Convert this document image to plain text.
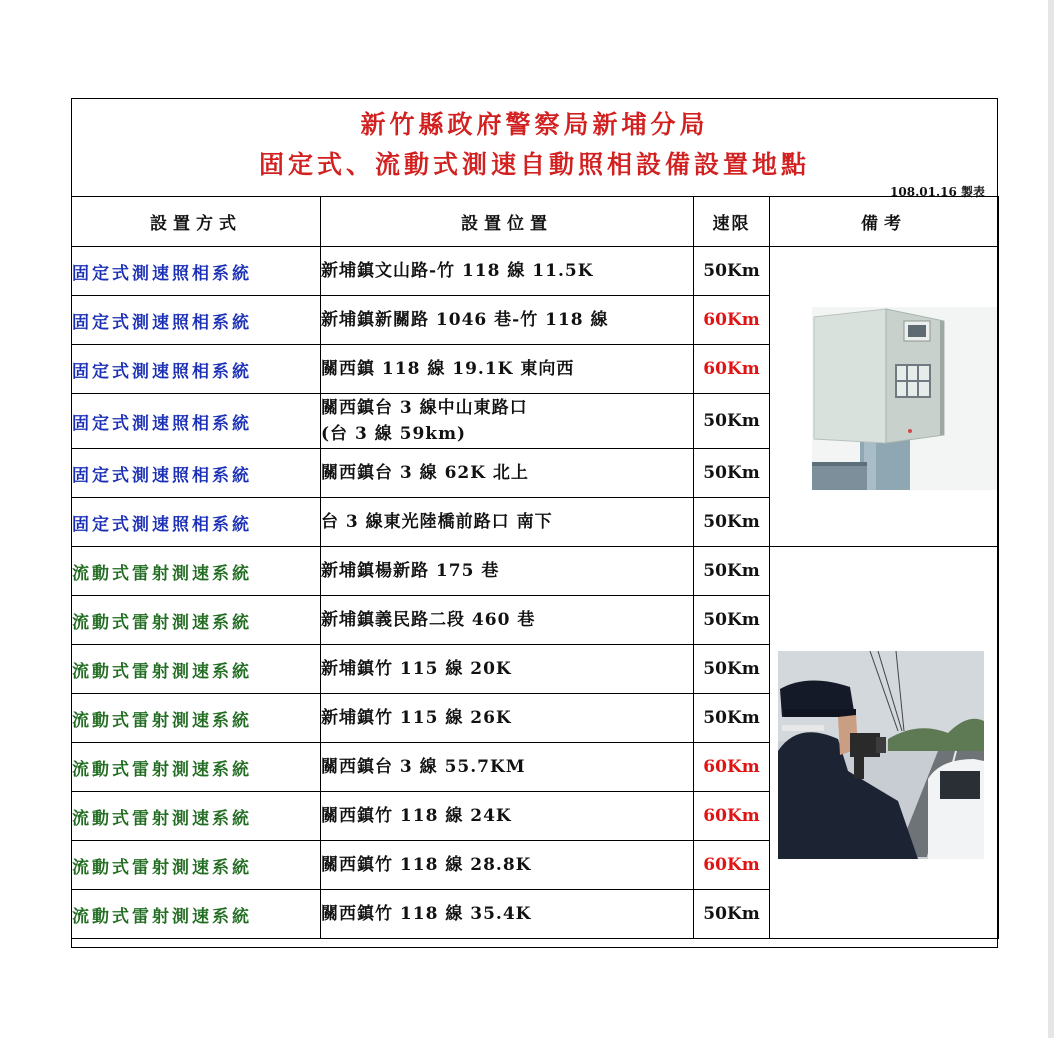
新竹縣政府警察局新埔分局
固定式、流動式測速自動照相設備設置地點
108.01.16 製表
設置方式	設置位置	速限	備考
固定式測速照相系統	新埔鎮文山路-竹 118 線 11.5K	50Km	

固定式測速照相系統	新埔鎮新關路 1046 巷-竹 118 線	60Km	
固定式測速照相系統	關西鎮 118 線 19.1K 東向西	60Km	
固定式測速照相系統	關西鎮台 3 線中山東路口
(台 3 線 59km)	50Km	
固定式測速照相系統	關西鎮台 3 線 62K 北上	50Km	
固定式測速照相系統	台 3 線東光陸橋前路口 南下	50Km	
流動式雷射測速系統	新埔鎮楊新路 175 巷	50Km	

流動式雷射測速系統	新埔鎮義民路二段 460 巷	50Km	
流動式雷射測速系統	新埔鎮竹 115 線 20K	50Km	
流動式雷射測速系統	新埔鎮竹 115 線 26K	50Km	
流動式雷射測速系統	關西鎮台 3 線 55.7KM	60Km	
流動式雷射測速系統	關西鎮竹 118 線 24K	60Km	
流動式雷射測速系統	關西鎮竹 118 線 28.8K	60Km	
流動式雷射測速系統	關西鎮竹 118 線 35.4K	50Km	
